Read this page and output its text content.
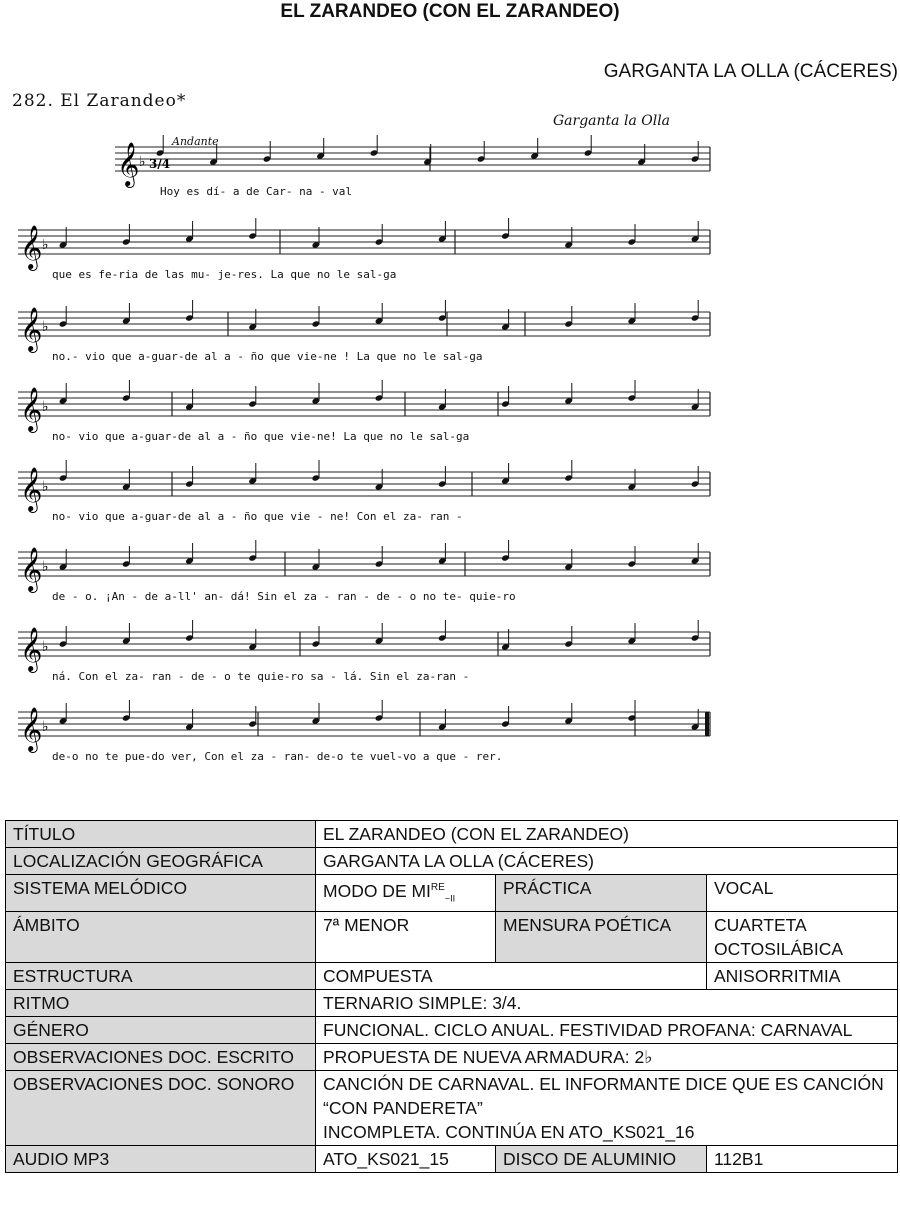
EL ZARANDEO (CON EL ZARANDEO)
GARGANTA LA OLLA (CÁCERES)
282. El Zarandeo*
Garganta la Olla
Andante
𝄞 ♭ 3/4
Hoy es dí- a de Car- na - val
𝄞 ♭
que es fe-ria de las mu- je-res. La que no le sal-ga
𝄞 ♭
no.- vio que a-guar-de al a - ño que vie-ne ! La que no le sal-ga
𝄞 ♭
no- vio que a-guar-de al a - ño que vie-ne! La que no le sal-ga
𝄞 ♭
no- vio que a-guar-de al a - ño que vie - ne! Con el za- ran -
𝄞 ♭
de - o. ¡An - de a-ll' an- dá! Sin el za - ran - de - o no te- quie-ro
𝄞 ♭
ná. Con el za- ran - de - o te quie-ro sa - lá. Sin el za-ran -
𝄞 ♭
de-o no te pue-do ver, Con el za - ran- de-o te vuel-vo a que - rer.
TÍTULO	EL ZARANDEO (CON EL ZARANDEO)		
LOCALIZACIÓN GEOGRÁFICA	GARGANTA LA OLLA (CÁCERES)		
SISTEMA MELÓDICO	MODO DE $MIRE_{\sim II}$	PRÁCTICA	VOCAL
ÁMBITO	7ª MENOR	MENSURA POÉTICA	CUARTETA OCTOSILÁBICA
ESTRUCTURA	COMPUESTA		ANISORRITMIA
RITMO	TERNARIO SIMPLE: 3/4.		
GÉNERO	FUNCIONAL. CICLO ANUAL. FESTIVIDAD PROFANA: CARNAVAL		
OBSERVACIONES DOC. ESCRITO	PROPUESTA DE NUEVA ARMADURA: 2♭		
OBSERVACIONES DOC. SONORO	CANCIÓN DE CARNAVAL. EL INFORMANTE DICE QUE ES CANCIÓN “CON PANDERETA”
INCOMPLETA. CONTINÚA EN ATO_KS021_16		

AUDIO MP3	ATO_KS021_15	DISCO DE ALUMINIO	112B1
